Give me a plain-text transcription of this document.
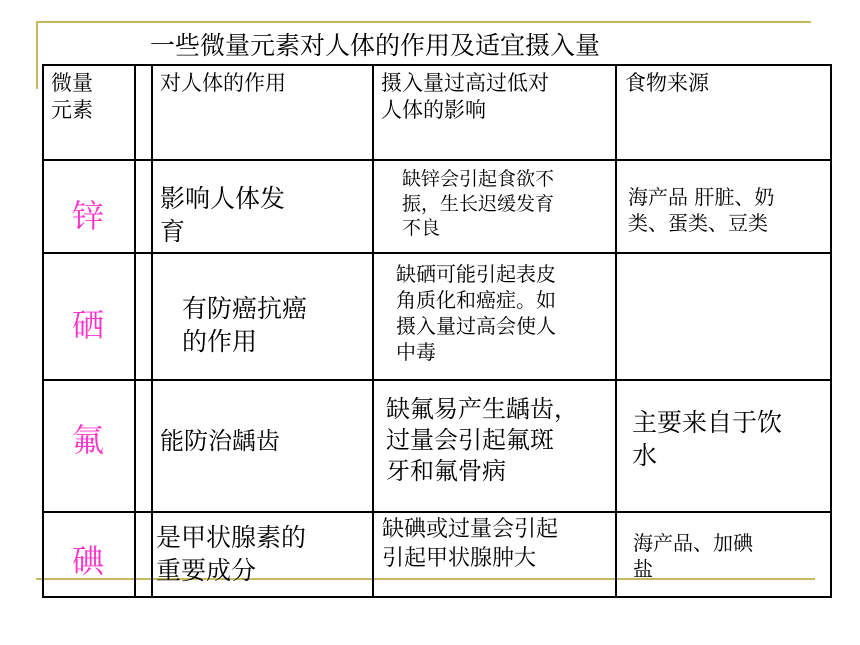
一些微量元素对人体的作用及适宜摄入量
微量
元素
对人体的作用	摄入量过高过低对
人体的影响
食物来源
锌 影响人体发
育
缺锌会引起食欲不
振，生长迟缓发育
不良
海产品 肝脏、奶
类、蛋类、豆类
硒	有防癌抗癌
的作用
缺硒可能引起表皮
角质化和癌症。如
摄入量过高会使人
中毒
氟 能防治龋齿
缺氟易产生龋齿，
过量会引起氟斑
牙和氟骨病
主要来自于饮
水
碘
是甲状腺素的
重要成分
缺碘或过量会引起
引起甲状腺肿大
海产品、加碘
盐
